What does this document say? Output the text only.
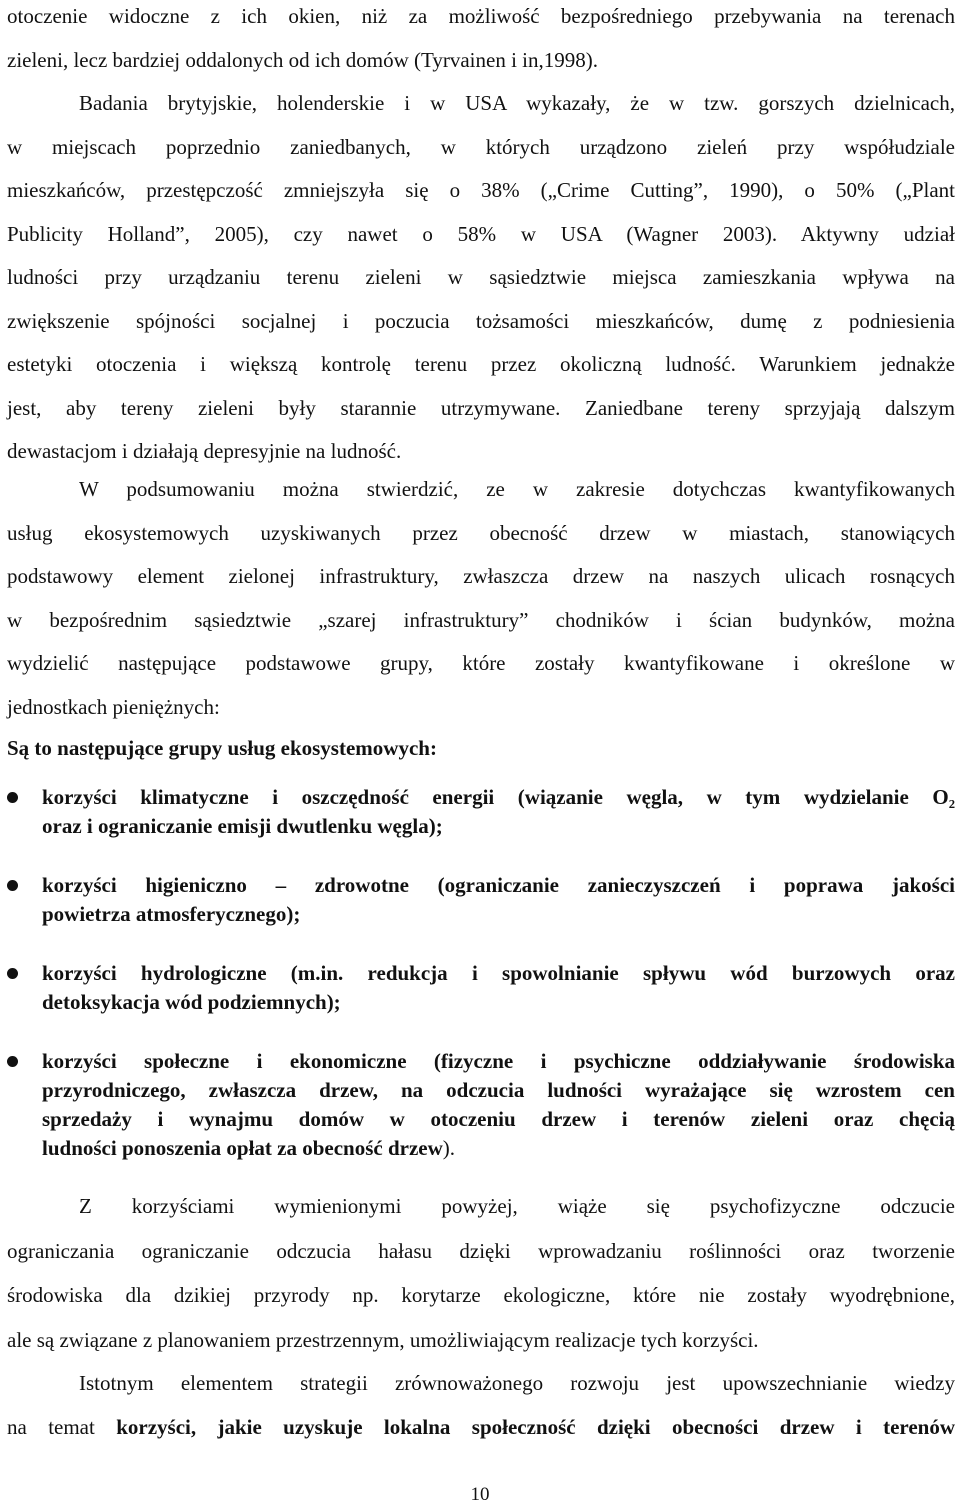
otoczenie widoczne z ich okien, niż za możliwość bezpośredniego przebywania na terenach
zieleni, lecz bardziej oddalonych od ich domów (Tyrvainen i in,1998).
Badania brytyjskie, holenderskie i w USA wykazały, że w tzw. gorszych dzielnicach,
w miejscach poprzednio zaniedbanych, w których urządzono zieleń przy współudziale
mieszkańców, przestępczość zmniejszyła się o 38% („Crime Cutting”, 1990), o 50% („Plant
Publicity Holland”, 2005), czy nawet o 58% w USA (Wagner 2003). Aktywny udział
ludności przy urządzaniu terenu zieleni w sąsiedztwie miejsca zamieszkania wpływa na
zwiększenie spójności socjalnej i poczucia tożsamości mieszkańców, dumę z podniesienia
estetyki otoczenia i większą kontrolę terenu przez okoliczną ludność. Warunkiem jednakże
jest, aby tereny zieleni były starannie utrzymywane. Zaniedbane tereny sprzyjają dalszym
dewastacjom i działają depresyjnie na ludność.
W podsumowaniu można stwierdzić, ze w zakresie dotychczas kwantyfikowanych
usług ekosystemowych uzyskiwanych przez obecność drzew w miastach, stanowiących
podstawowy element zielonej infrastruktury, zwłaszcza drzew na naszych ulicach rosnących
w bezpośrednim sąsiedztwie „szarej infrastruktury” chodników i ścian budynków, można
wydzielić następujące podstawowe grupy, które zostały kwantyfikowane i określone w
jednostkach pieniężnych:
Są to następujące grupy usług ekosystemowych:
korzyści klimatyczne i oszczędność energii (wiązanie węgla, w tym wydzielanie O₂
oraz i ograniczanie emisji dwutlenku węgla);
korzyści higieniczno – zdrowotne (ograniczanie zanieczyszczeń i poprawa jakości
powietrza atmosferycznego);
korzyści hydrologiczne (m.in. redukcja i spowolnianie spływu wód burzowych oraz
detoksykacja wód podziemnych);
korzyści społeczne i ekonomiczne (fizyczne i psychiczne oddziaływanie środowiska
przyrodniczego, zwłaszcza drzew, na odczucia ludności wyrażające się wzrostem cen
sprzedaży i wynajmu domów w otoczeniu drzew i terenów zieleni oraz chęcią
ludności ponoszenia opłat za obecność drzew).
Z korzyściami wymienionymi powyżej, wiąże się psychofizyczne odczucie
ograniczania ograniczanie odczucia hałasu dzięki wprowadzaniu roślinności oraz tworzenie
środowiska dla dzikiej przyrody np. korytarze ekologiczne, które nie zostały wyodrębnione,
ale są związane z planowaniem przestrzennym, umożliwiającym realizacje tych korzyści.
Istotnym elementem strategii zrównoważonego rozwoju jest upowszechnianie wiedzy
na temat korzyści, jakie uzyskuje lokalna społeczność dzięki obecności drzew i terenów
10
